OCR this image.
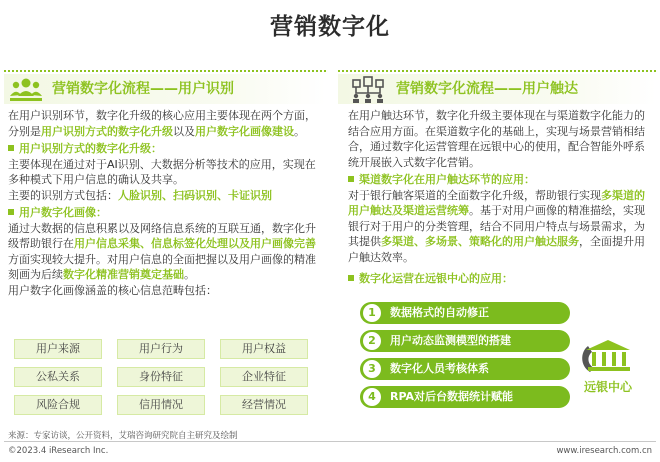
营销数字化
营销数字化流程——用户识别	营销数字化流程——用户触达
在用户识别环节，数字化升级的核心应用主要体现在两个方面，分别是用户识别方式的数字化升级以及用户数字化画像建设。
用户识别方式的数字化升级：
主要体现在通过对于AI识别、大数据分析等技术的应用，实现在多种模式下用户信息的确认及共享。
主要的识别方式包括：人脸识别、扫码识别、卡证识别
用户数字化画像：
通过大数据的信息积累以及网络信息系统的互联互通，数字化升级帮助银行在用户信息采集、信息标签化处理以及用户画像完善方面实现较大提升。对用户信息的全面把握以及用户画像的精准刻画为后续数字化精准营销奠定基础。
用户数字化画像涵盖的核心信息范畴包括：
用户来源	用户行为	用户权益
公私关系	身份特征	企业特征
风险合规	信用情况	经营情况
在用户触达环节，数字化升级主要体现在与渠道数字化能力的结合应用方面。在渠道数字化的基础上，实现与场景营销相结合，通过数字化运营管理在远银中心的使用，配合智能外呼系统开展嵌入式数字化营销。
渠道数字化在用户触达环节的应用：
对于银行触客渠道的全面数字化升级，帮助银行实现多渠道的用户触达及渠道运营统筹。基于对用户画像的精准描绘，实现银行对于用户的分类管理，结合不同用户特点与场景需求，为其提供多渠道、多场景、策略化的用户触达服务，全面提升用户触达效率。
数字化运营在远银中心的应用：
1	数据格式的自动修正
2	用户动态监测模型的搭建
3	数字化人员考核体系
4	RPA对后台数据统计赋能
远银中心
来源：专家访谈，公开资料，艾瑞咨询研究院自主研究及绘制
©2023.4 iResearch Inc.	www.iresearch.com.cn
